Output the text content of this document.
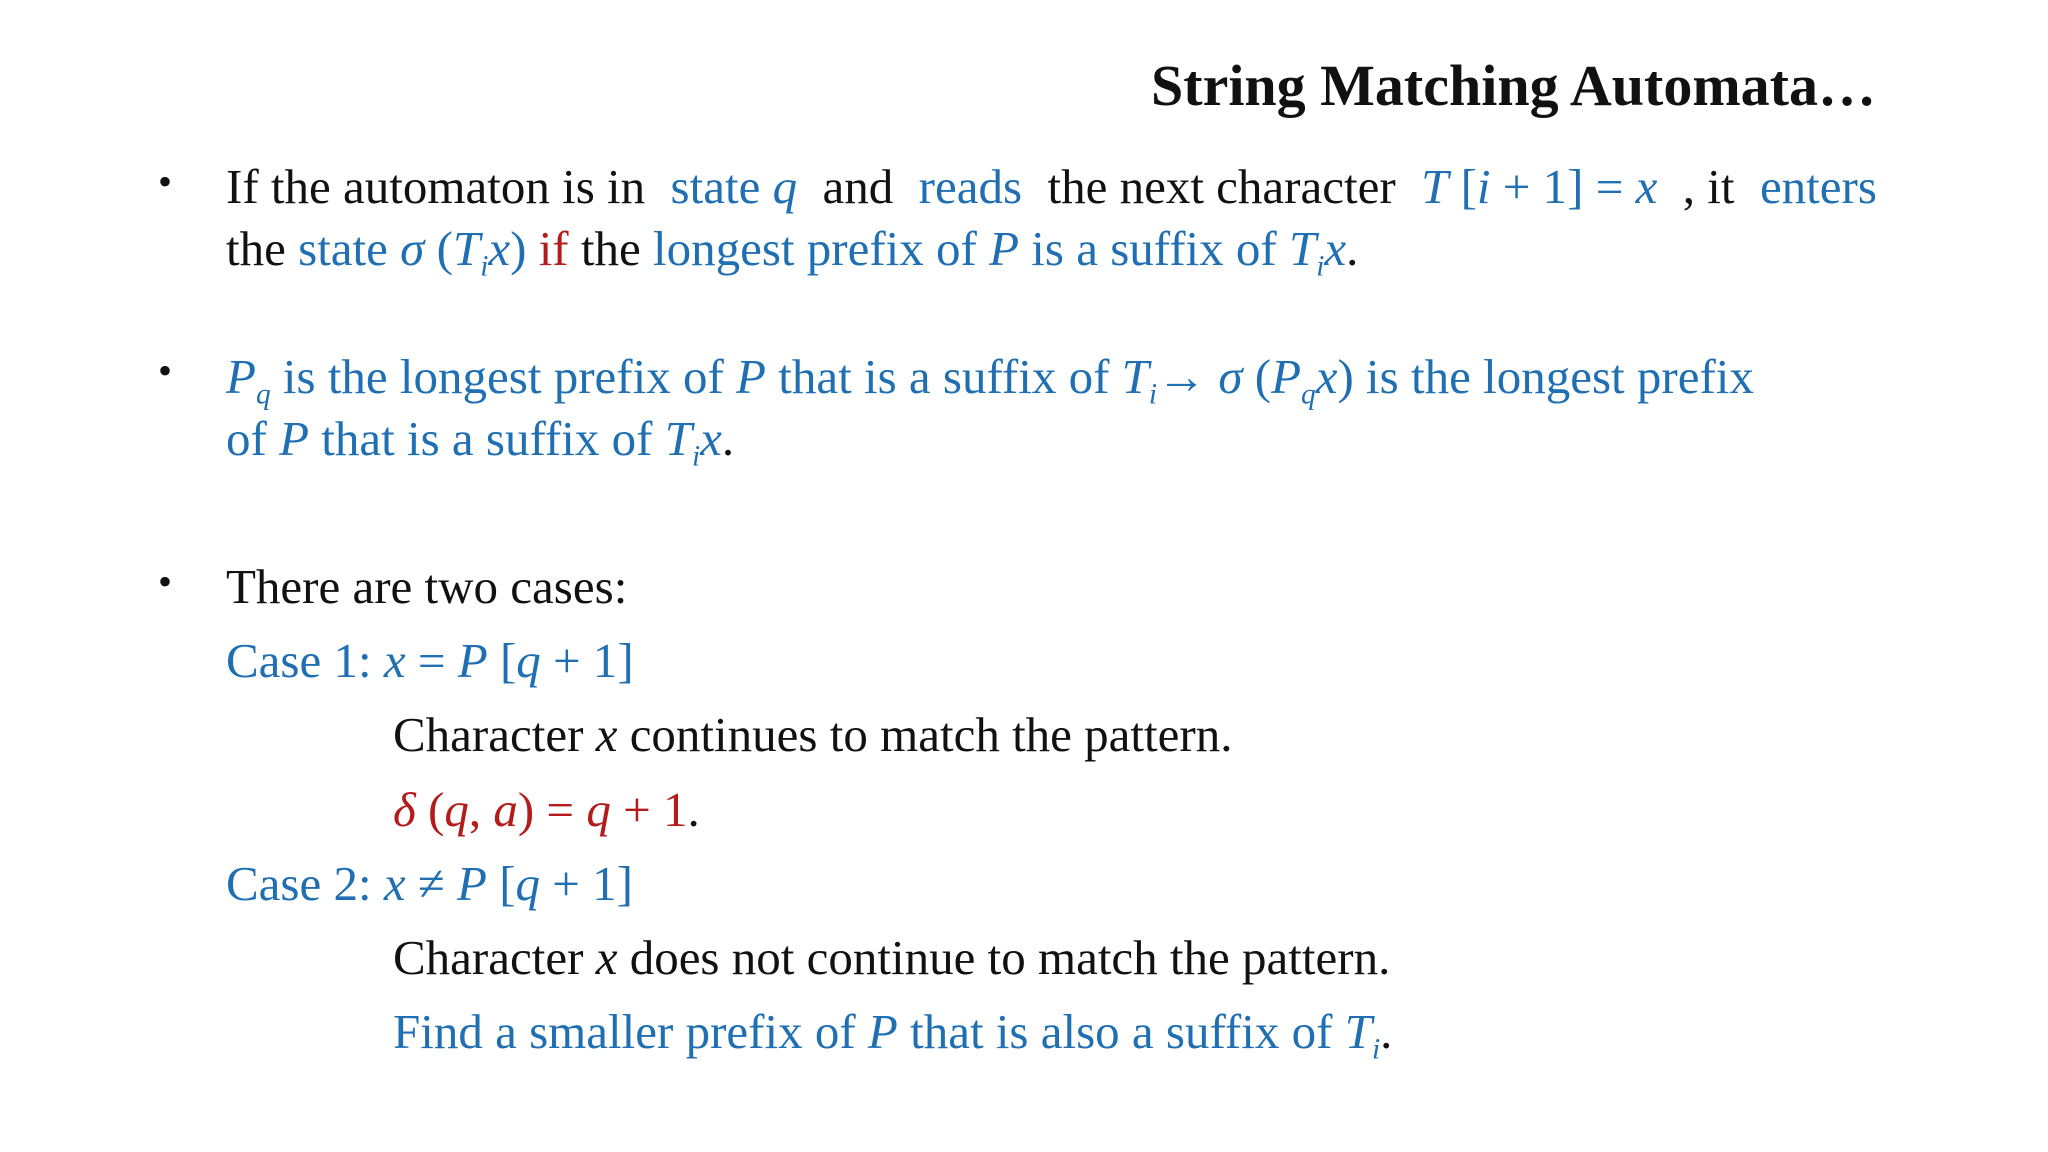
String Matching Automata…
• If the automaton is in state q and reads the next character T [i + 1] = x , it enters
the state σ $(T_ix)$ if the longest prefix of P is a suffix of $T_ix$.
• $P_q$ is the longest prefix of P that is a suffix of $T_i\to \sigma$ $(P_qx)$ is the longest prefix
of P that is a suffix of $T_ix$.
• There are two cases:
Case 1: x = P [q + 1]
Character x continues to match the pattern.
δ (q, a) = q + 1.
Case 2: x ≠ P [q + 1]
Character x does not continue to match the pattern.
Find a smaller prefix of P that is also a suffix of $T_i$.
